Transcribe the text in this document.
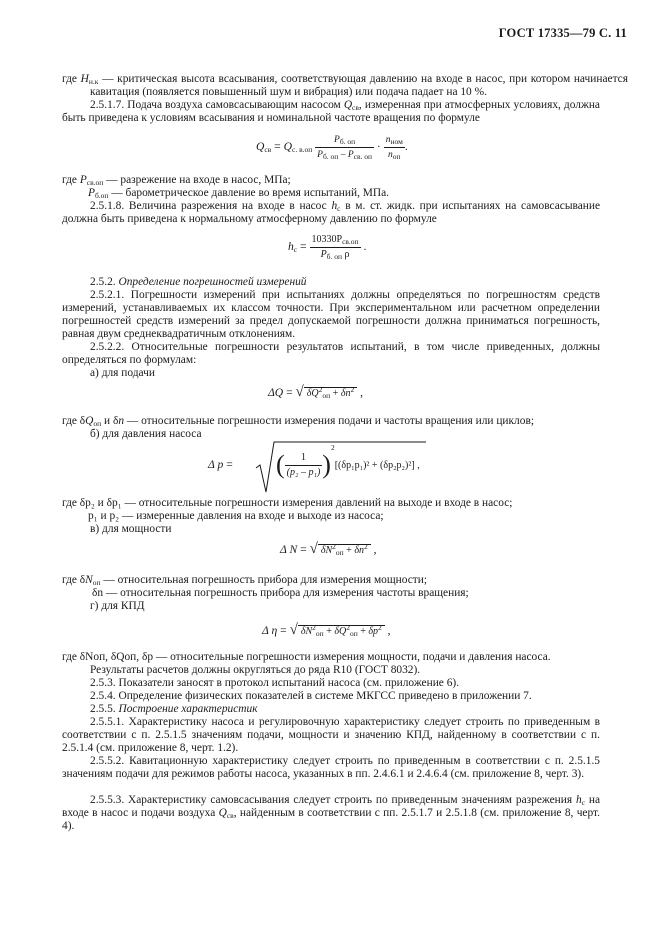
ГОСТ 17335—79 С. 11
где $H_{н.к}$ — критическая высота всасывания, соответствующая давлению на входе в насос, при котором начинается кавитация (появляется повышенный шум и вибрация) или подача падает на 10 %.
2.5.1.7. Подача воздуха самовсасывающим насосом $Q_{св}$, измеренная при атмосферных условиях, должна быть приведена к условиям всасывания и номинальной частоте вращения по формуле
$Q_{св} = Q_{с. в.оп} \frac{P_{б. оп}}{P_{б. оп} - P_{св. оп}} \cdot \frac{n_{ном}}{n_{оп}}$ .
где $P_{св.оп}$ — разрежение на входе в насос, МПа;
$P_{б.оп}$ — барометрическое давление во время испытаний, МПа.
2.5.1.8. Величина разрежения на входе в насос $h_с$ в м. ст. жидк. при испытаниях на самовсасывание должна быть приведена к нормальному атмосферному давлению по формуле
$h_с = \frac{10330P_{св.оп}}{P_{б. оп} \rho}$ .
2.5.2. Определение погрешностей измерений
2.5.2.1. Погрешности измерений при испытаниях должны определяться по погрешностям средств измерений, устанавливаемых их классом точности. При экспериментальном или расчетном определении погрешностей средств измерений за предел допускаемой погрешности должна приниматься погрешность, равная двум среднеквадратичным отклонениям.
2.5.2.2. Относительные погрешности результатов испытаний, в том числе приведенных, должны определяться по формулам:
а) для подачи
ΔQ = √ $\delta Q^2_{оп} + \delta n^2$ ,
где $\delta Q_{оп}$ и δn — относительные погрешности измерения подачи и частоты вращения или циклов;
б) для давления насоса
Δ p = ( $\frac{1}{\text{(p₂ – p₁)}} )^2[(\delta p_1p_1)^2 + (\delta p_2p_2)^2]$ ,
где δp₂ и δp₁ — относительные погрешности измерения давлений на выходе и входе в насос;
p₁ и p₂ — измеренные давления на входе и выходе из насоса;
в) для мощности
Δ N = √ $\delta N^2_{оп} + \delta n^2$ ,
где $\delta N_{оп}$ — относительная погрешность прибора для измерения мощности;
δn — относительная погрешность прибора для измерения частоты вращения;
г) для КПД
Δ η = √ $\delta N^2_{оп} + \delta Q^2_{оп} + \delta p^2$ ,
где δNоп, δQоп, δp — относительные погрешности измерения мощности, подачи и давления насоса.
Результаты расчетов должны округляться до ряда R10 (ГОСТ 8032).
2.5.3. Показатели заносят в протокол испытаний насоса (см. приложение 6).
2.5.4. Определение физических показателей в системе МКГСС приведено в приложении 7.
2.5.5. Построение характеристик
2.5.5.1. Характеристику насоса и регулировочную характеристику следует строить по приведенным в соответствии с п. 2.5.1.5 значениям подачи, мощности и значению КПД, найденному в соответствии с п. 2.5.1.4 (см. приложение 8, черт. 1.2).
2.5.5.2. Кавитационную характеристику следует строить по приведенным в соответствии с п. 2.5.1.5 значениям подачи для режимов работы насоса, указанных в пп. 2.4.6.1 и 2.4.6.4 (см. приложение 8, черт. 3).
2.5.5.3. Характеристику самовсасывания следует строить по приведенным значениям разрежения $h_с$ на входе в насос и подачи воздуха $Q_{св}$, найденным в соответствии с пп. 2.5.1.7 и 2.5.1.8 (см. приложение 8, черт. 4).
